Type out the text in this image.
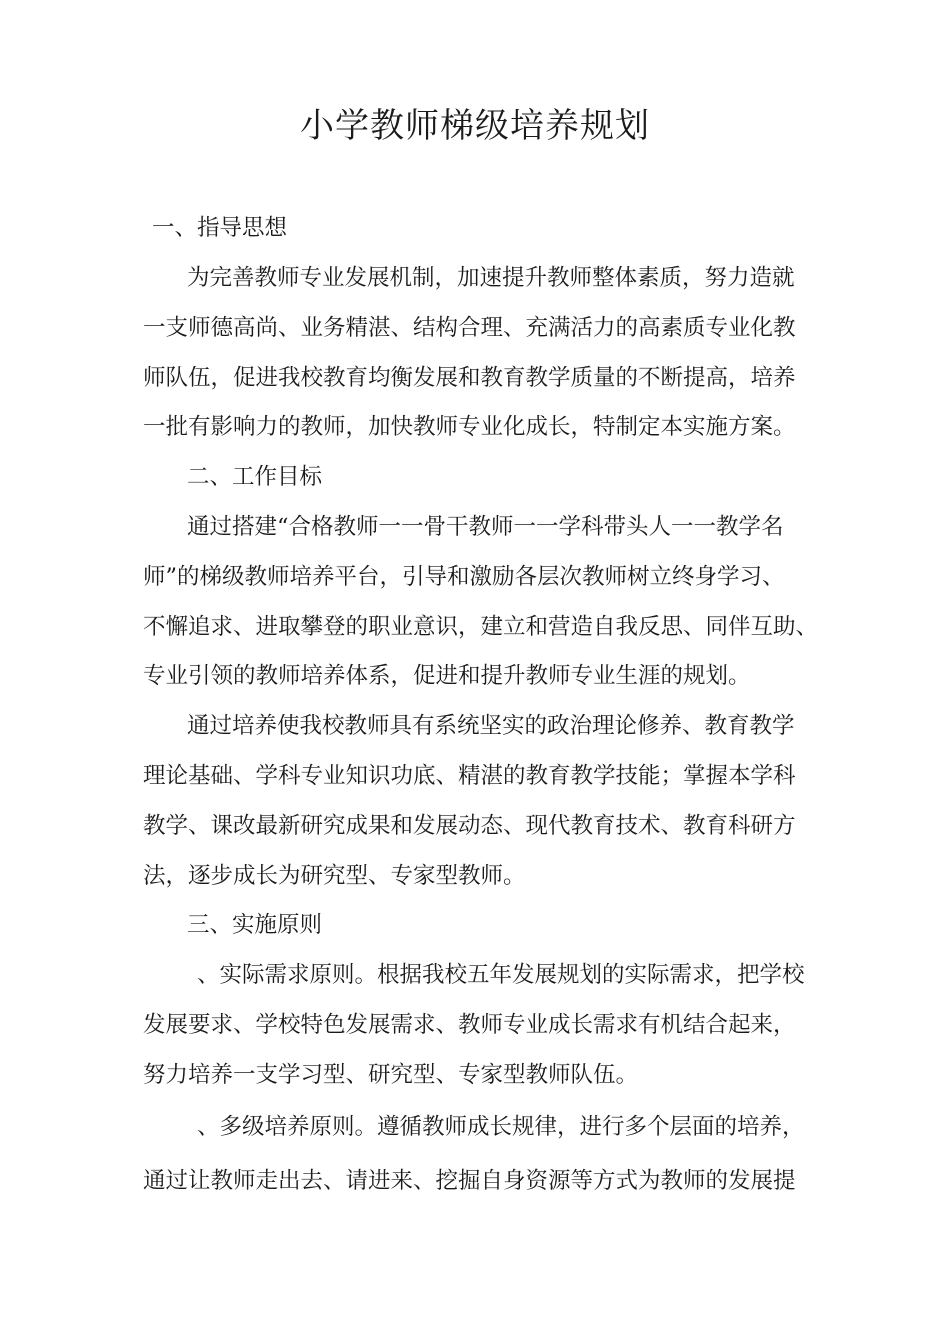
小学教师梯级培养规划
一、指导思想
为完善教师专业发展机制，加速提升教师整体素质，努力造就
一支师德高尚、业务精湛、结构合理、充满活力的高素质专业化教
师队伍，促进我校教育均衡发展和教育教学质量的不断提高，培养
一批有影响力的教师，加快教师专业化成长，特制定本实施方案。
二、工作目标
通过搭建“合格教师一一骨干教师一一学科带头人一一教学名
师”的梯级教师培养平台，引导和激励各层次教师树立终身学习、
不懈追求、进取攀登的职业意识，建立和营造自我反思、同伴互助、
专业引领的教师培养体系，促进和提升教师专业生涯的规划。
通过培养使我校教师具有系统坚实的政治理论修养、教育教学
理论基础、学科专业知识功底、精湛的教育教学技能；掌握本学科
教学、课改最新研究成果和发展动态、现代教育技术、教育科研方
法，逐步成长为研究型、专家型教师。
三、实施原则
、实际需求原则。根据我校五年发展规划的实际需求，把学校
发展要求、学校特色发展需求、教师专业成长需求有机结合起来，
努力培养一支学习型、研究型、专家型教师队伍。
、多级培养原则。遵循教师成长规律，进行多个层面的培养，
通过让教师走出去、请进来、挖掘自身资源等方式为教师的发展提
